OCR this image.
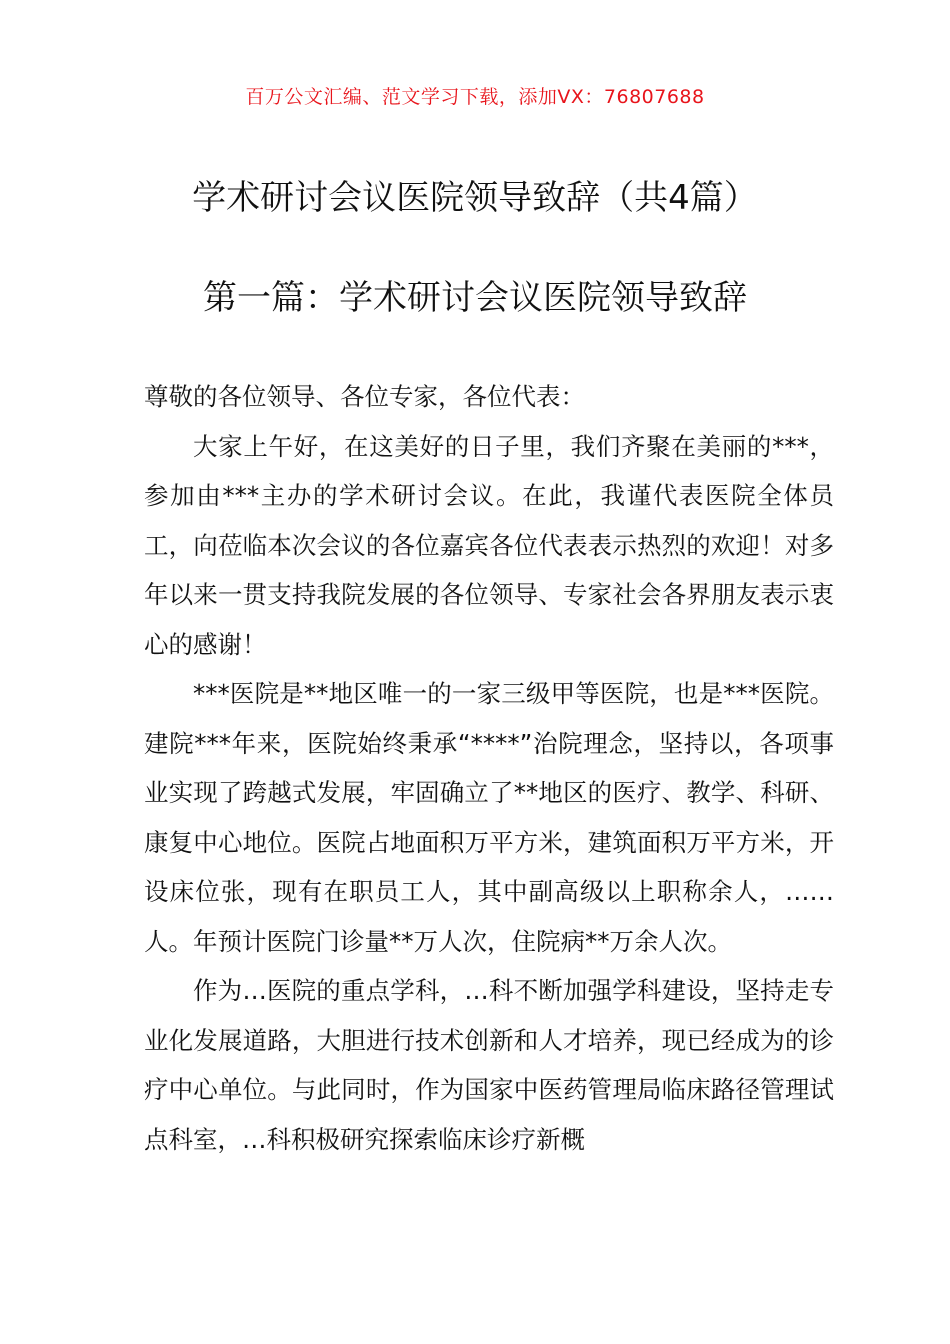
百万公文汇编、范文学习下载，添加VX：76807688
学术研讨会议医院领导致辞（共4篇）
第一篇：学术研讨会议医院领导致辞

尊敬的各位领导、各位专家，各位代表：

大家上午好，在这美好的日子里，我们齐聚在美丽的***，参加由***主办的学术研讨会议。在此，我谨代表医院全体员工，向莅临本次会议的各位嘉宾各位代表表示热烈的欢迎！对多年以来一贯支持我院发展的各位领导、专家社会各界朋友表示衷心的感谢！

***医院是**地区唯一的一家三级甲等医院，也是***医院。建院***年来，医院始终秉承“****”治院理念，坚持以，各项事业实现了跨越式发展，牢固确立了**地区的医疗、教学、科研、康复中心地位。医院占地面积万平方米，建筑面积万平方米，开设床位张，现有在职员工人，其中副高级以上职称余人，……人。年预计医院门诊量**万人次，住院病**万余人次。

作为…医院的重点学科，…科不断加强学科建设，坚持走专业化发展道路，大胆进行技术创新和人才培养，现已经成为的诊疗中心单位。与此同时，作为国家中医药管理局临床路径管理试点科室，…科积极研究探索临床诊疗新概
